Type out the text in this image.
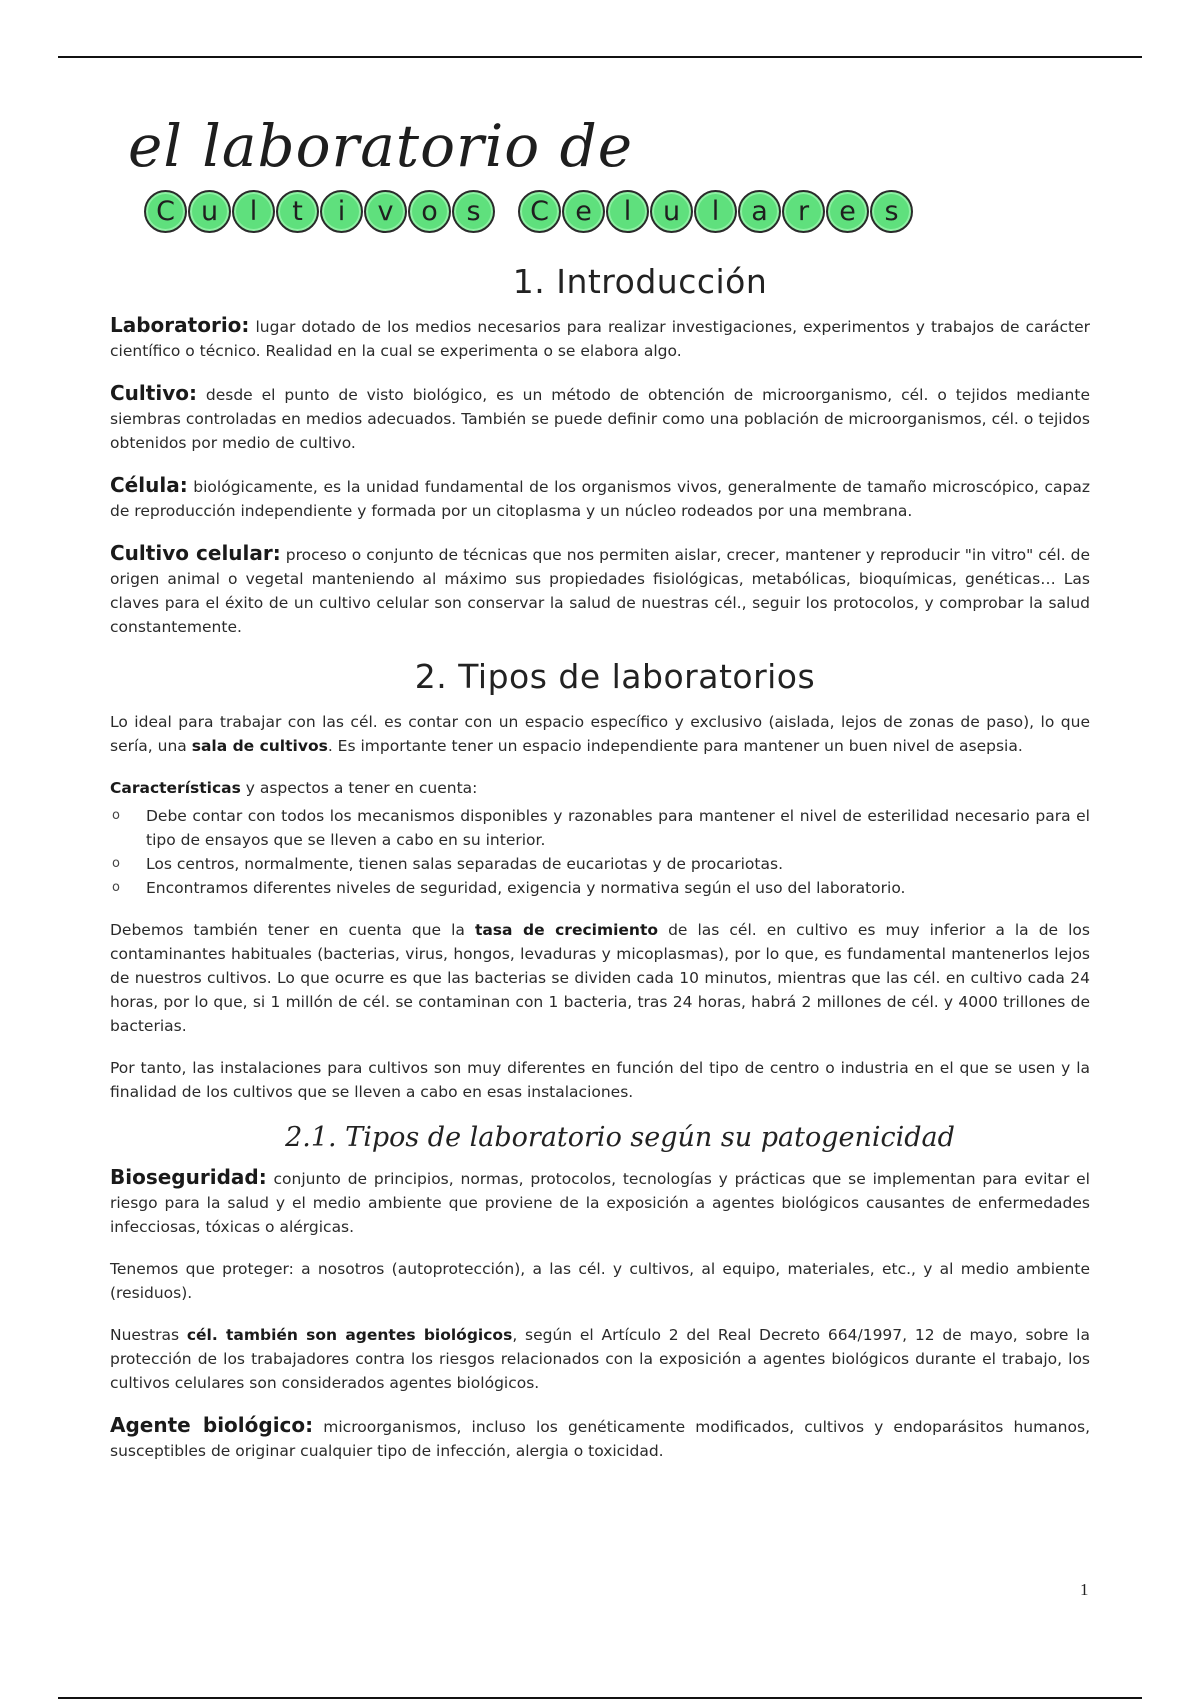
el laboratorio de
C u	l	t	i	v	o	s	C e	l	u	l	a	r	e	s
1. Introducción

Laboratorio: lugar dotado de los medios necesarios para realizar investigaciones, experimentos y trabajos de carácter científico o técnico. Realidad en la cual se experimenta o se elabora algo.

Cultivo: desde el punto de visto biológico, es un método de obtención de microorganismo, cél. o tejidos mediante siembras controladas en medios adecuados. También se puede definir como una población de microorganismos, cél. o tejidos obtenidos por medio de cultivo.

Célula: biológicamente, es la unidad fundamental de los organismos vivos, generalmente de tamaño microscópico, capaz de reproducción independiente y formada por un citoplasma y un núcleo rodeados por una membrana.

Cultivo celular: proceso o conjunto de técnicas que nos permiten aislar, crecer, mantener y reproducir "in vitro" cél. de origen animal o vegetal manteniendo al máximo sus propiedades fisiológicas, metabólicas, bioquímicas, genéticas… Las claves para el éxito de un cultivo celular son conservar la salud de nuestras cél., seguir los protocolos, y comprobar la salud constantemente.

2. Tipos de laboratorios

Lo ideal para trabajar con las cél. es contar con un espacio específico y exclusivo (aislada, lejos de zonas de paso), lo que sería, una sala de cultivos. Es importante tener un espacio independiente para mantener un buen nivel de asepsia.

Características y aspectos a tener en cuenta:

o Debe contar con todos los mecanismos disponibles y razonables para mantener el nivel de esterilidad necesario para el tipo de ensayos que se lleven a cabo en su interior.
o Los centros, normalmente, tienen salas separadas de eucariotas y de procariotas.
o Encontramos diferentes niveles de seguridad, exigencia y normativa según el uso del laboratorio.

Debemos también tener en cuenta que la tasa de crecimiento de las cél. en cultivo es muy inferior a la de los contaminantes habituales (bacterias, virus, hongos, levaduras y micoplasmas), por lo que, es fundamental mantenerlos lejos de nuestros cultivos. Lo que ocurre es que las bacterias se dividen cada 10 minutos, mientras que las cél. en cultivo cada 24 horas, por lo que, si 1 millón de cél. se contaminan con 1 bacteria, tras 24 horas, habrá 2 millones de cél. y 4000 trillones de bacterias.

Por tanto, las instalaciones para cultivos son muy diferentes en función del tipo de centro o industria en el que se usen y la finalidad de los cultivos que se lleven a cabo en esas instalaciones.

2.1. Tipos de laboratorio según su patogenicidad

Bioseguridad: conjunto de principios, normas, protocolos, tecnologías y prácticas que se implementan para evitar el riesgo para la salud y el medio ambiente que proviene de la exposición a agentes biológicos causantes de enfermedades infecciosas, tóxicas o alérgicas.

Tenemos que proteger: a nosotros (autoprotección), a las cél. y cultivos, al equipo, materiales, etc., y al medio ambiente (residuos).

Nuestras cél. también son agentes biológicos, según el Artículo 2 del Real Decreto 664/1997, 12 de mayo, sobre la protección de los trabajadores contra los riesgos relacionados con la exposición a agentes biológicos durante el trabajo, los cultivos celulares son considerados agentes biológicos.

Agente biológico: microorganismos, incluso los genéticamente modificados, cultivos y endoparásitos humanos, susceptibles de originar cualquier tipo de infección, alergia o toxicidad.

1
